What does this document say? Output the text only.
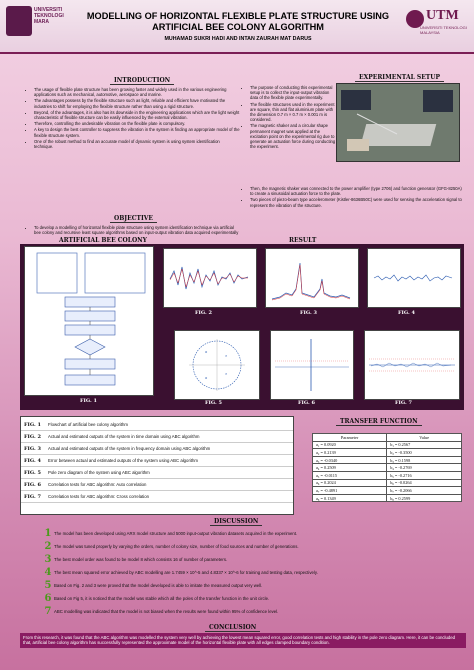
UNIVERSITI TEKNOLOGI MARA
MODELLING OF HORIZONTAL FLEXIBLE PLATE STRUCTURE USING ARTIFICIAL BEE COLONY ALGORITHM
MUHAMAD SUKRI HADI AND INTAN ZAURAH MAT DARUS
UTM
UNIVERSITI TEKNOLOGI MALAYSIA
INTRODUCTION
• The usage of flexible plate structure has been growing faster and widely used in the various engineering applications such as mechanical, automotive, aerospace and marine.
• The advantages possess by the flexible structure such as light, reliable and efficient have motivated the industries to shift for employing the flexible structure rather than using a rigid structure.
• Beyond, of the advantages, it is also has its downside in the engineering applications which are the light weight characteristic of flexible structure can be easily influenced by the external vibration.
• Therefore, controlling the undesirable vibration on the flexible plate is compulsory.
• A key to design the best controller to suppress the vibration in the system is finding an appropriate model of the flexible structure system.
• One of the robust method to find an accurate model of dynamic system is using system identification technique.
EXPERIMENTAL SETUP
• The purpose of conducting this experimental setup is to collect the input-output vibration data of the flexible plate experimentally.
• The flexible structures used in the experiment are square, thin and flat aluminium plate with the dimension 0.7 m × 0.7 m × 0.001 m is considered.
• The magnetic shaker and a circular shape permanent magnet was applied at the excitation point on the experimental rig due to generate an actuation force during conducting the experiment.
• Then, the magnetic shaker was connected to the power amplifier (type 2706) and function generator (GFG-8250A) to create a sinusoidal actuation force to the plate.
• Two pieces of piezo-beam type accelerometer (Kistler-8636B50C) were used for sensing the acceleration signal to represent the vibration of the structure.
OBJECTIVE
• To develop a modelling of horizontal flexible plate structure using system identification technique via artificial bee colony and recursive least square algorithms based on input-output vibration data acquired experimentally
ARTIFICIAL BEE COLONY	RESULT
FIG. 2	FIG. 3	FIG. 4
×
×
o
o
FIG. 5	FIG. 6	FIG. 7
FIG. 1
FIG. 1	Flowchart of artificial bee colony algorithm
FIG. 2	Actual and estimated outputs of the system in time domain using ABC algorithm
FIG. 3	Actual and estimated outputs of the system in frequency domain using ABC algorithm
FIG. 4	Error between actual and estimated outputs of the system using ABC algorithm
FIG. 5	Pole zero diagram of the system using ABC algorithm
FIG. 6	Correlation tests for ABC algorithm: Auto correlation
FIG. 7	Correlation tests for ABC algorithm: Cross correlation
TRANSFER FUNCTION
Parameter	Value
a₁ = 0.0920	b₁ = 0.2567
a₂ = 0.2139	b₂ = -0.3500
a₃ = -0.0340	b₃ = 0.1598
a₄ = 0.2509	b₄ = -0.2769
a₅ = -0.0115	b₅ = -0.2716
a₆ = 0.2024	b₆ = -0.0264
a₇ = -0.4891	b₇ = -0.2066
a₈ = 0.1349	b₈ = 0.2599
DISCUSSION
1 The model has been developed using ARX model structure and 5000 input-output vibration datasets acquired in the experiment.
2 The model was tuned properly by varying the orders, number of colony size, number of food sources and number of generations.
3 The best model order was found to be model 8 which consists 16 of number of parameters.
4 The best mean squared error achieved by ABC modelling are 1.7459 × 10^-5 and 4.8337 × 10^-6 for training and testing data, respectively.
5 Based on Fig. 2 and 3 were proved that the model developed is able to imitate the measured output very well.
6 Based on Fig 5, it is noticed that the model was stable which all the poles of the transfer function in the unit circle.
7 ABC modelling was indicated that the model is not biased when the results were found within 95% of confidence level.
CONCLUSION
From this research, it was found that the ABC algorithm was modelled the system very well by achieving the lowest mean squared error, good correlation tests and high stability in the pole zero diagram. Here, it can be concluded that, artificial bee colony algorithm has successfully represented the approximate model of the horizontal flexible plate with all edges clamped boundary condition.
